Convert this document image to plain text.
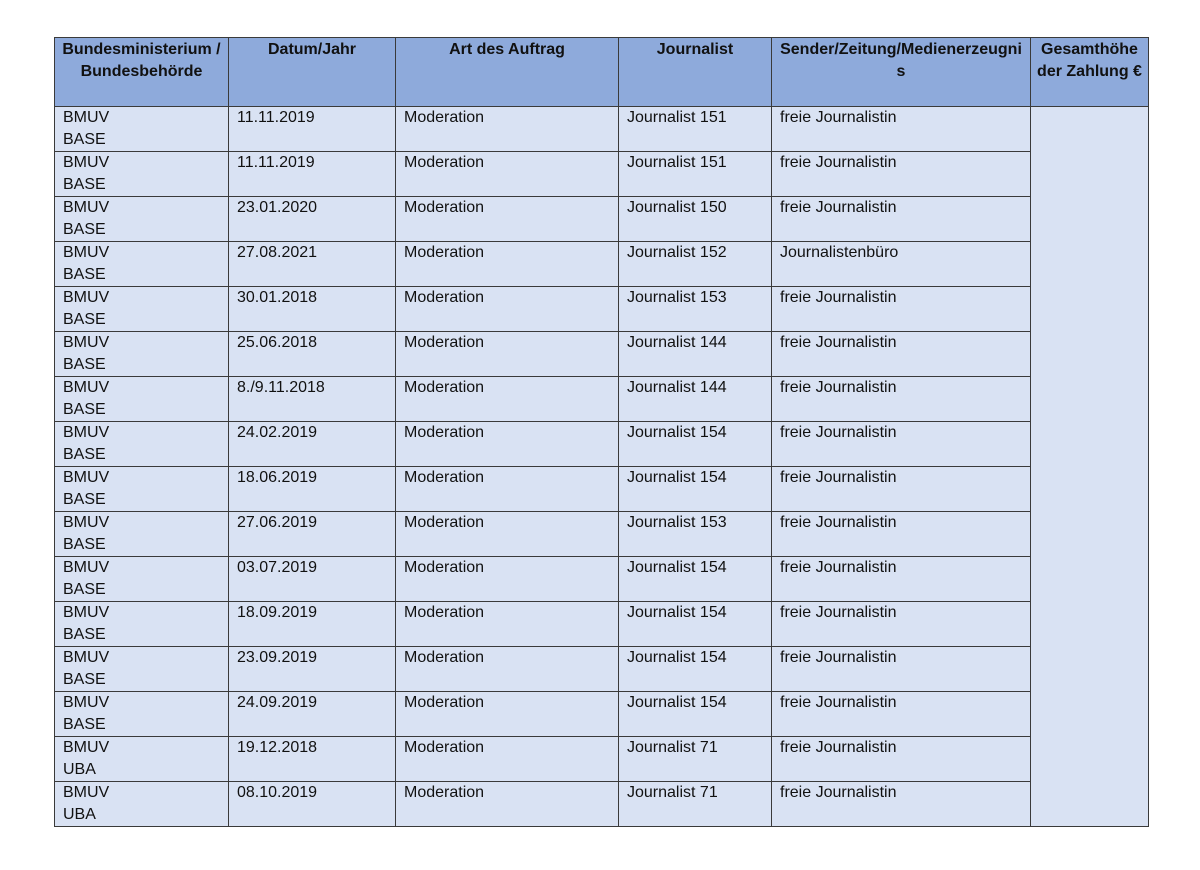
Bundesministerium / Bundesbehörde	Datum/Jahr	Art des Auftrag	Journalist	Sender/Zeitung/Medienerzeugnis	Gesamthöhe der Zahlung €

BMUV
BASE	11.11.2019	Moderation	Journalist 151	freie Journalistin	

BMUV
BASE	11.11.2019	Moderation	Journalist 151	freie Journalistin	

BMUV
BASE	23.01.2020	Moderation	Journalist 150	freie Journalistin	

BMUV
BASE	27.08.2021	Moderation	Journalist 152	Journalistenbüro	

BMUV
BASE	30.01.2018	Moderation	Journalist 153	freie Journalistin	

BMUV
BASE	25.06.2018	Moderation	Journalist 144	freie Journalistin	

BMUV
BASE	8./9.11.2018	Moderation	Journalist 144	freie Journalistin	

BMUV
BASE	24.02.2019	Moderation	Journalist 154	freie Journalistin	

BMUV
BASE	18.06.2019	Moderation	Journalist 154	freie Journalistin	

BMUV
BASE	27.06.2019	Moderation	Journalist 153	freie Journalistin	

BMUV
BASE	03.07.2019	Moderation	Journalist 154	freie Journalistin	

BMUV
BASE	18.09.2019	Moderation	Journalist 154	freie Journalistin	

BMUV
BASE	23.09.2019	Moderation	Journalist 154	freie Journalistin	

BMUV
BASE	24.09.2019	Moderation	Journalist 154	freie Journalistin	

BMUV
UBA	19.12.2018	Moderation	Journalist 71	freie Journalistin	

BMUV
UBA	08.10.2019	Moderation	Journalist 71	freie Journalistin	
